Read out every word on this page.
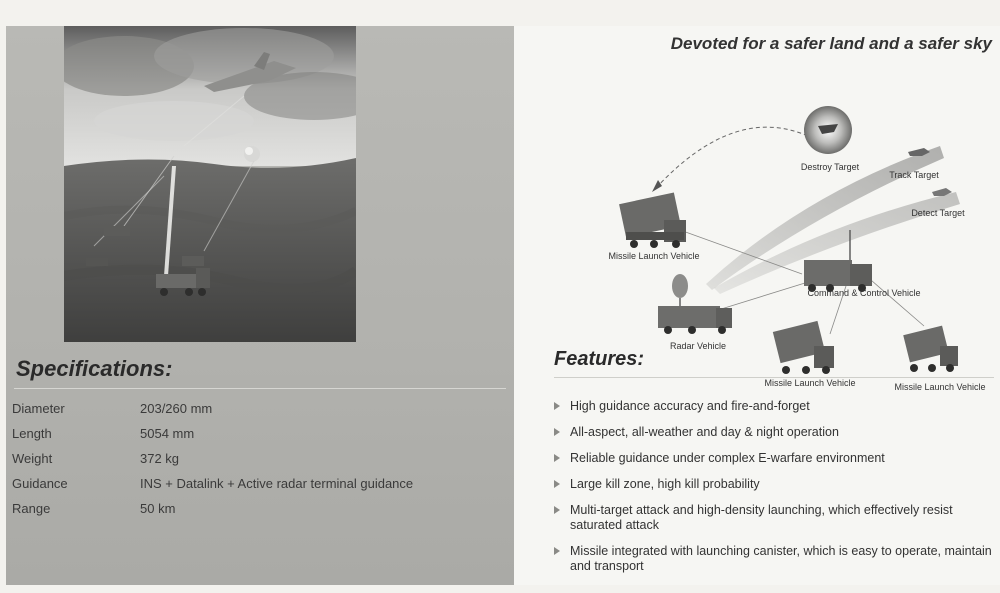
Specifications:
Diameter	203/260 mm
Length	5054 mm
Weight	372 kg
Guidance	INS + Datalink + Active radar terminal guidance
Range	50 km
Devoted for a safer land and a safer sky
Destroy Target
Track Target
Detect Target
Missile Launch Vehicle
Command & Control Vehicle
Radar Vehicle
Missile Launch Vehicle	Missile Launch Vehicle
Features:
High guidance accuracy and fire-and-forget
All-aspect, all-weather and day & night operation
Reliable guidance under complex E-warfare environment
Large kill zone, high kill probability
Multi-target attack and high-density launching, which effectively resist saturated attack
Missile integrated with launching canister, which is easy to operate, maintain and transport
